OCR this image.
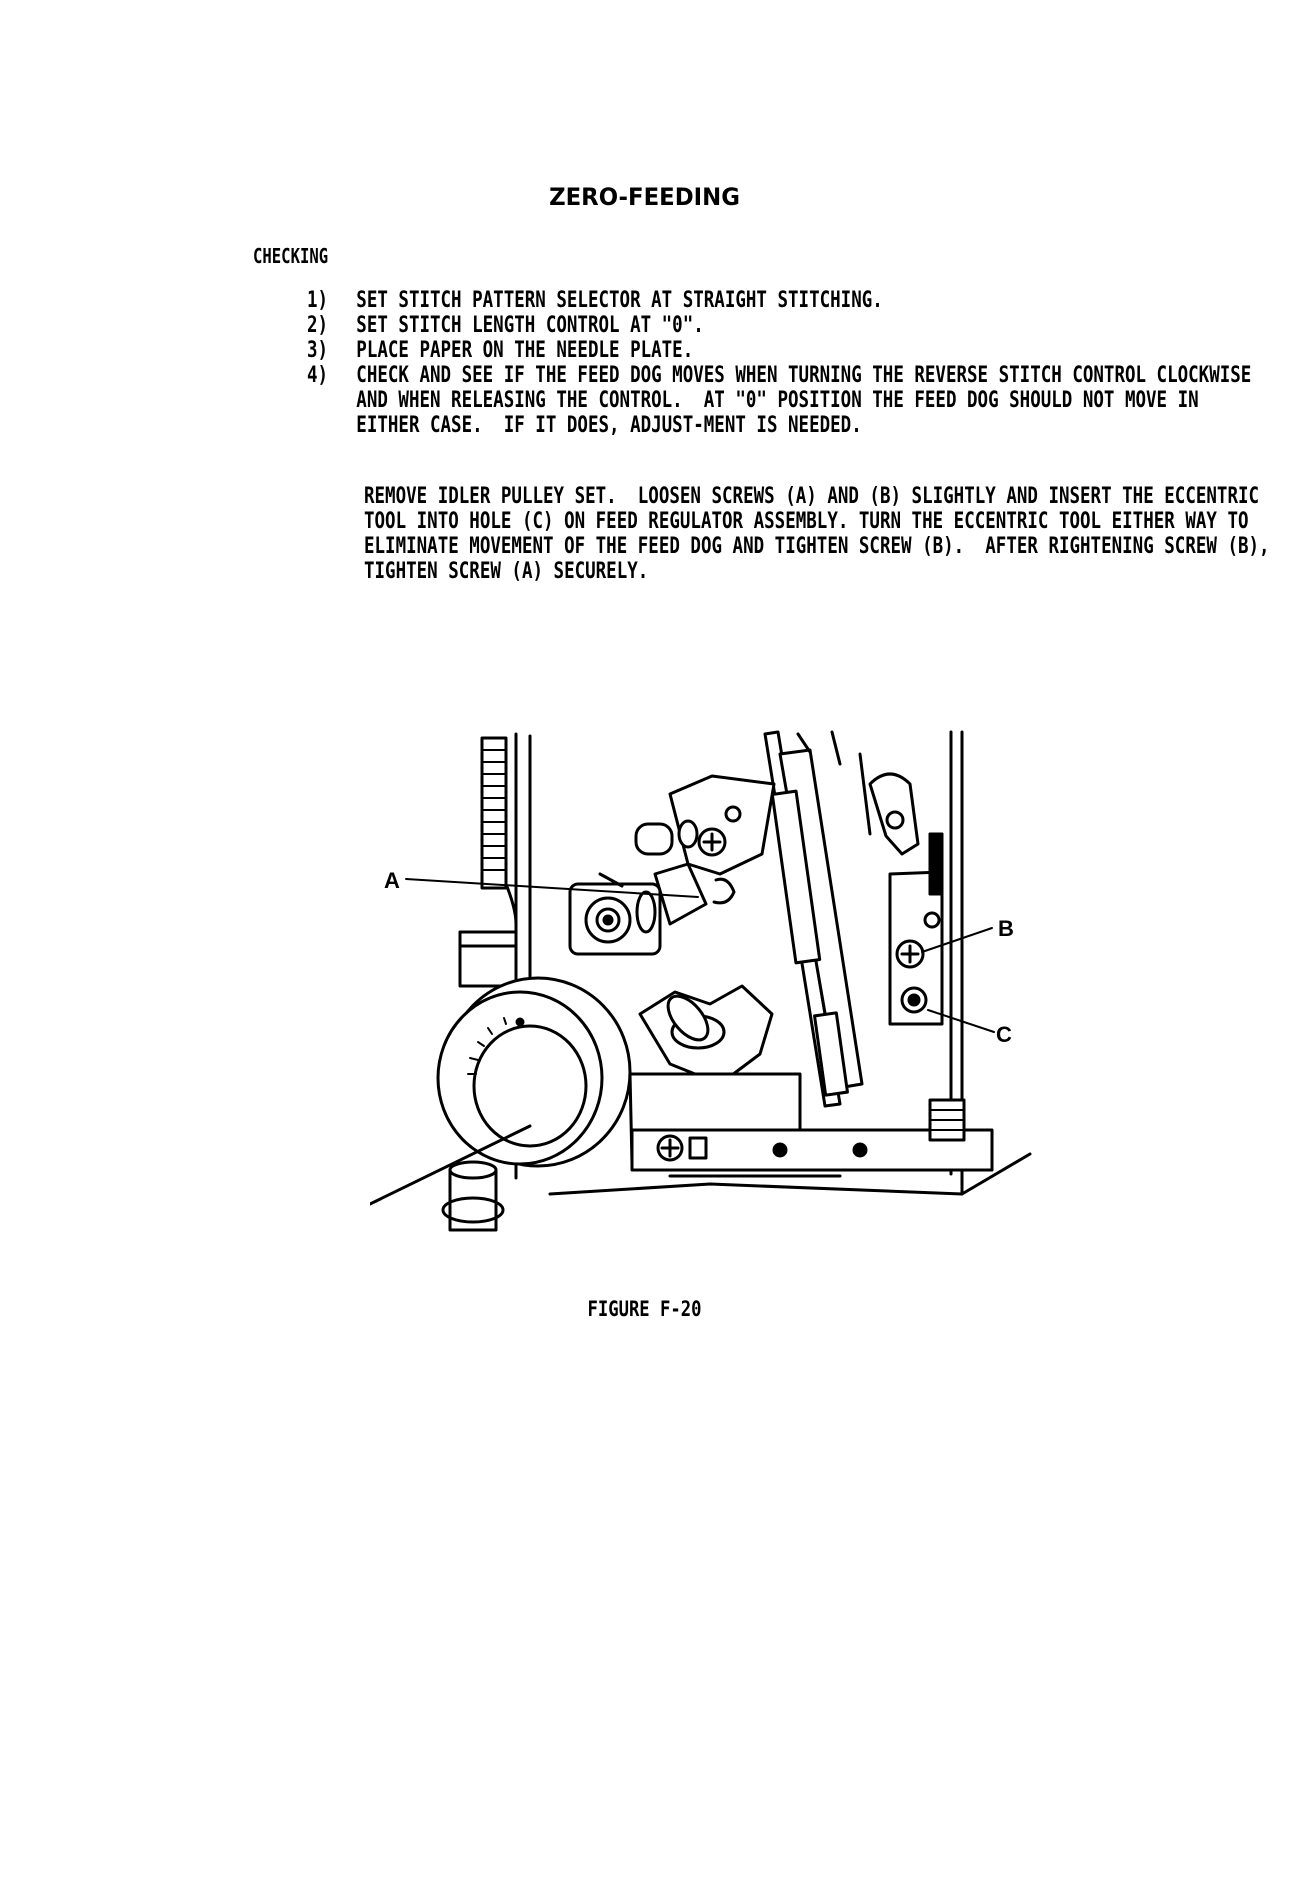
ZERO-FEEDING
CHECKING
1) SET STITCH PATTERN SELECTOR AT STRAIGHT STITCHING.
2) SET STITCH LENGTH CONTROL AT "0".
3) PLACE PAPER ON THE NEEDLE PLATE.
4) CHECK AND SEE IF THE FEED DOG MOVES WHEN TURNING THE REVERSE STITCH CONTROL CLOCKWISE AND WHEN RELEASING THE CONTROL.  AT "0" POSITION THE FEED DOG SHOULD NOT MOVE IN EITHER CASE.  IF IT DOES, ADJUST-MENT IS NEEDED.
REMOVE IDLER PULLEY SET.  LOOSEN SCREWS (A) AND (B) SLIGHTLY AND INSERT THE ECCENTRIC TOOL INTO HOLE (C) ON FEED REGULATOR ASSEMBLY. TURN THE ECCENTRIC TOOL EITHER WAY TO ELIMINATE MOVEMENT OF THE FEED DOG AND TIGHTEN SCREW (B).  AFTER RIGHTENING SCREW (B), TIGHTEN SCREW (A) SECURELY.
A
B
C
FIGURE F-20
